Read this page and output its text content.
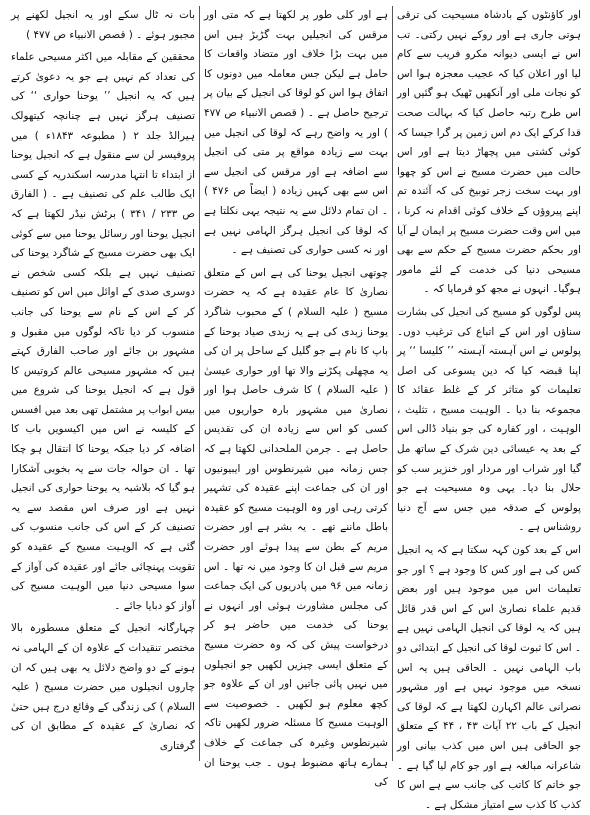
اور کاؤنٹوں کے بادشاہ مسیحیت کی ترقی ہوتی جاری ہے اور روکے نہیں رکتی۔ تب اس نے ایسی دیوانہ مکرو فریب سے کام لیا اور اعلان کیا کہ عجیب معجزہ ہوا اس کو نجات ملی اور آنکھیں ٹھیک ہو گئیں اور اس طرح رتبہ حاصل کیا کہ بہالت صحت قدا کرکے ایک دم اس زمین پر گرا جیسا کہ کوئی کشتی میں پچھاڑ دیتا ہے اور اس حالت میں حضرت مسیح نے اس کو چھوا اور بہت سخت زجر توبیخ کی کہ آئندہ تم اپنے پیروؤں کے خلاف کوئی اقدام نہ کرنا ، میں اس وقت حضرت مسیح پر ایمان لے آیا اور بحکم حضرت مسیح کے حکم سے بھی مسیحی دنیا کی خدمت کے لئے مامور ہوگیا۔ انہوں نے مجھ کو فرمایا کہ ۔

پس لوگوں کو مسیح کی انجیل کی بشارت سناؤں اور اس کے اتباع کی ترغیب دوں۔ پولوس نے اس آہستہ آہستہ ’’ کلیسا ‘‘ پر اپنا قبضہ کیا کہ دین یسوعی کی اصل تعلیمات کو متاثر کر کے غلط عقائد کا مجموعہ بنا دیا ۔ الوہیت مسیح ، تثلیث ، الوہیت ، اور کفارہ کی جو بنیاد ڈالی اس کے بعد یہ عیسائی دین شرک کے ساتھ مل گیا اور شراب اور مردار اور خنزیر سب کو حلال بنا دیا۔ یہی وہ مسیحیت ہے جو پولوس کے صدقہ میں جس سے آج دنیا روشناس ہے ۔

اس کے بعد کون کہہ سکتا ہے کہ یہ انجیل کس کی ہے اور کس کا وجود ہے ؟ اور جو تعلیمات اس میں موجود ہیں اور بعض قدیم علماء نصاریٰ اس کے اس قدر قائل ہیں کہ یہ لوقا کی انجیل الہامی نہیں ہے ۔ اس کا ثبوت لوقا کی انجیل کے ابتدائی دو باب الہامی نہیں ۔ الحاقی ہیں یہ اس نسخہ میں موجود نہیں ہے اور مشہور نصرانی عالم اکہارن لکھتا ہے کہ لوقا کی انجیل کے باب ۲۲ آیات ۴۳ ، ۴۴ کے متعلق جو الحاقی ہیں اس میں کذب بیانی اور شاعرانہ مبالغہ ہے اور جو کام لیا گیا ہے ۔ جو خاتم کا کاتب کی جانب سے ہے اس کا کذب کا کذب سے امتیاز مشکل ہے ۔

ہے اور کلی طور پر لکھتا ہے کہ متی اور مرقس کی انجیلیں بہت گڑبڑ ہیں اس میں بہت بڑا خلاف اور متضاد واقعات کا حامل ہے لیکن جس معاملہ میں دونوں کا اتفاق ہوا اس کو لوقا کی انجیل کے بیان پر ترجیح حاصل ہے ۔ ( قصص الانبیاء ص ۴۷۷ ) اور یہ واضح رہے کہ لوقا کی انجیل میں بہت سے زیادہ مواقع پر متی کی انجیل سے اضافہ ہے اور مرقس کی انجیل سے اس سے بھی کہیں زیادہ ( ایضاً ص ۴۷۶ ) ۔ ان تمام دلائل سے یہ نتیجہ یہی نکلتا ہے کہ لوقا کی انجیل ہرگز الہامی نہیں ہے اور نہ کسی حواری کی تصنیف ہے ۔

چوتھی انجیل یوحنا کی ہے اس کے متعلق نصاریٰ کا عام عقیدہ ہے کہ یہ حضرت مسیح ( علیہ السلام ) کے محبوب شاگرد یوحنا زبدی کی ہے یہ زبدی صیاد یوحنا کے باپ کا نام ہے جو گلیل کے ساحل پر ان کی یہ مچھلی پکڑنے والا تھا اور حواری عیسیٰ ( علیہ السلام ) کا شرف حاصل ہوا اور نصاریٰ میں مشہور بارہ حواریوں میں کسی کو اس سے زیادہ ان کی تقدیس حاصل ہے ۔ جرمن الملحدانی لکھتا ہے کہ جس زمانہ میں شیرنطوس اور ایبیونیوں اور ان کی جماعت اپنے عقیدہ کی تشہیر کرتی رہی اور وہ الوہیت مسیح کو عقیدہ باطل ماننے تھے ۔ یہ بشر ہے اور حضرت مریم کے بطن سے پیدا ہوئے اور حضرت مریم سے قبل ان کا وجود میں نہ تھا ۔ اس زمانہ میں ۹۶ میں پادریوں کی ایک جماعت کی مجلس مشاورت ہوئی اور انہوں نے یوحنا کی خدمت میں حاضر ہو کر درخواست پیش کی کہ وہ حضرت مسیح کے متعلق ایسی چیزیں لکھیں جو انجیلوں میں نہیں پائی جاتیں اور ان کے علاوہ جو کچھ معلوم ہو لکھیں ۔ خصوصیت سے الوہیت مسیح کا مسئلہ ضرور لکھیں تاکہ شیرنطوس وغیرہ کی جماعت کے خلاف ہمارے ہاتھ مضبوط ہوں ۔ جب یوحنا ان کی

بات نہ ٹال سکے اور یہ انجیل لکھنے پر مجبور ہوئے ۔ ( قصص الانبیاء ص ۴۷۷ )

محققین کے مقابلہ میں اکثر مسیحی علماء کی تعداد کم نہیں ہے جو یہ دعویٰ کرتے ہیں کہ یہ انجیل ’’ یوحنا حواری ‘‘ کی تصنیف ہرگز نہیں ہے چنانچہ کیتھولک ہیرالڈ جلد ۲ ( مطبوعہ ۱۸۴۳ء ) میں پروفیسر لن سے منقول ہے کہ انجیل یوحنا از ابتداء تا انتہا مدرسہ اسکندریہ کے کسی ایک طالب علم کی تصنیف ہے ۔ ( الفارق ص ۲۳۳ / ۳۴۱ ) برٹش نیڈر لکھتا ہے کہ انجیل یوحنا اور رسائل یوحنا میں سے کوئی ایک بھی حضرت مسیح کے شاگرد یوحنا کی تصنیف نہیں ہے بلکہ کسی شخص نے دوسری صدی کے اوائل میں اس کو تصنیف کر کے اس کے نام سے یوحنا کی جانب منسوب کر دیا تاکہ لوگوں میں مقبول و مشہور بن جائے اور صاحب الفارق کہتے ہیں کہ مشہور مسیحی عالم کروتیس کا قول ہے کہ انجیل یوحنا کی شروع میں بیس ابواب پر مشتمل تھی بعد میں افسس کے کلیسہ نے اس میں اکیسویں باب کا اضافہ کر دیا جبکہ یوحنا کا انتقال ہو چکا تھا ۔ ان حوالہ جات سے یہ بخوبی آشکارا ہو گیا کہ بلاشبہ یہ یوحنا حواری کی انجیل نہیں ہے اور صرف اس مقصد سے یہ تصنیف کر کے اس کی جانب منسوب کی گئی ہے کہ الوہیت مسیح کے عقیدہ کو تقویت پہنچائی جائے اور عقیدہ کی آواز کے سوا مسیحی دنیا میں الوہیت مسیح کی آواز کو دبایا جائے ۔

چہارگانہ انجیل کے متعلق مسطورہ بالا مختصر تنقیدات کے علاوہ ان کے الہامی نہ ہونے کے دو واضح دلائل یہ بھی ہیں کہ ان چاروں انجیلوں میں حضرت مسیح ( علیہ السلام ) کی زندگی کے وقائع درج ہیں حتیٰ کہ نصاریٰ کے عقیدہ کے مطابق ان کی گرفتاری
